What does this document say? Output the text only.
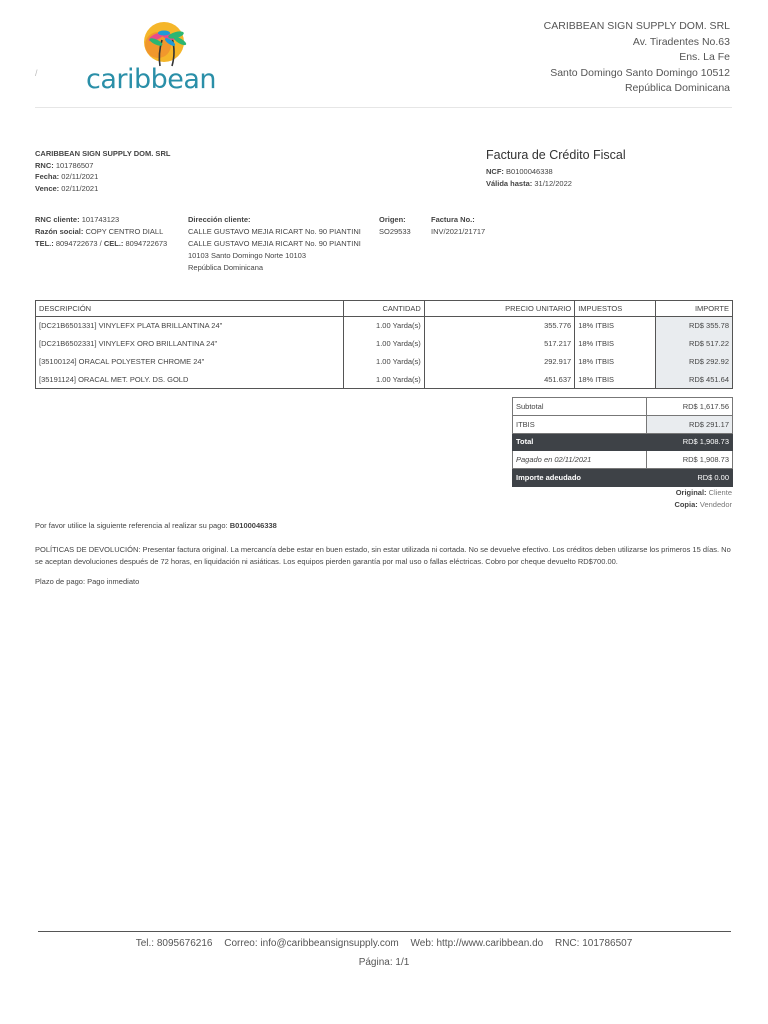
caribbean
/
CARIBBEAN SIGN SUPPLY DOM. SRL
Av. Tiradentes No.63
Ens. La Fe
Santo Domingo Santo Domingo 10512
República Dominicana
CARIBBEAN SIGN SUPPLY DOM. SRL
RNC: 101786507
Fecha: 02/11/2021
Vence: 02/11/2021
Factura de Crédito Fiscal
NCF: B0100046338
Válida hasta: 31/12/2022
RNC cliente: 101743123
Razón social: COPY CENTRO DIALL
TEL.: 8094722673 / CEL.: 8094722673
Dirección cliente:
CALLE GUSTAVO MEJIA RICART No. 90 PIANTINI
CALLE GUSTAVO MEJIA RICART No. 90 PIANTINI
10103 Santo Domingo Norte 10103
República Dominicana
Origen:
SO29533
Factura No.:
INV/2021/21717
DESCRIPCIÓN	CANTIDAD	PRECIO UNITARIO	IMPUESTOS	IMPORTE
[DC21B6501331] VINYLEFX PLATA BRILLANTINA 24"	1.00 Yarda(s)	355.776	18% ITBIS	RD$ 355.78
[DC21B6502331] VINYLEFX ORO BRILLANTINA 24"	1.00 Yarda(s)	517.217	18% ITBIS	RD$ 517.22
[35100124] ORACAL POLYESTER CHROME 24"	1.00 Yarda(s)	292.917	18% ITBIS	RD$ 292.92
[35191124] ORACAL MET. POLY. DS. GOLD	1.00 Yarda(s)	451.637	18% ITBIS	RD$ 451.64
Subtotal	RD$ 1,617.56
ITBIS	RD$ 291.17
Total	RD$ 1,908.73
Pagado en 02/11/2021	RD$ 1,908.73
Importe adeudado	RD$ 0.00
Original: Cliente
Copia: Vendedor
Por favor utilice la siguiente referencia al realizar su pago: B0100046338
POLÍTICAS DE DEVOLUCIÓN: Presentar factura original. La mercancía debe estar en buen estado, sin estar utilizada ni cortada. No se devuelve efectivo. Los créditos deben utilizarse los primeros 15 días. No se aceptan devoluciones después de 72 horas, en liquidación ni asiáticas. Los equipos pierden garantía por mal uso o fallas eléctricas. Cobro por cheque devuelto RD$700.00.
Plazo de pago: Pago inmediato
Tel.: 8095676216 Correo: info@caribbeansignsupply.com Web: http://www.caribbean.do RNC: 101786507
Página: 1/1
